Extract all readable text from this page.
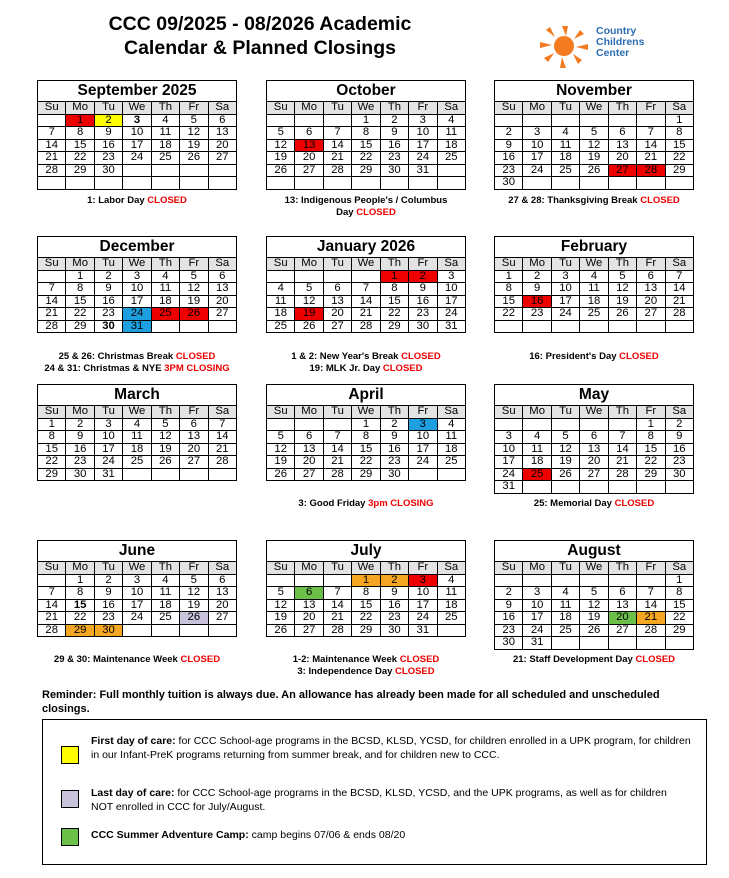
CCC 09/2025 - 08/2026 Academic
Calendar & Planned Closings
Country
Childrens
Center
September 2025
Su	Mo	Tu	We	Th	Fr	Sa
	1	2	3	4	5	6
7	8	9	10	11	12	13
14	15	16	17	18	19	20
21	22	23	24	25	26	27
28	29	30				

1: Labor Day CLOSED
October
Su	Mo	Tu	We	Th	Fr	Sa
			1	2	3	4
5	6	7	8	9	10	11
12	13	14	15	16	17	18
19	20	21	22	23	24	25
26	27	28	29	30	31	

13: Indigenous People's / Columbus
Day CLOSED
November
Su	Mo	Tu	We	Th	Fr	Sa
						1
2	3	4	5	6	7	8
9	10	11	12	13	14	15
16	17	18	19	20	21	22
23	24	25	26	27	28	29
30						
27 & 28: Thanksgiving Break CLOSED
December
Su	Mo	Tu	We	Th	Fr	Sa
	1	2	3	4	5	6
7	8	9	10	11	12	13
14	15	16	17	18	19	20
21	22	23	24	25	26	27
28	29	30	31			
25 & 26: Christmas Break CLOSED
24 & 31: Christmas & NYE 3PM CLOSING
January 2026
Su	Mo	Tu	We	Th	Fr	Sa
				1	2	3
4	5	6	7	8	9	10
11	12	13	14	15	16	17
18	19	20	21	22	23	24
25	26	27	28	29	30	31
1 & 2: New Year's Break CLOSED
19: MLK Jr. Day CLOSED
February
Su	Mo	Tu	We	Th	Fr	Sa
1	2	3	4	5	6	7
8	9	10	11	12	13	14
15	16	17	18	19	20	21
22	23	24	25	26	27	28

16: President's Day CLOSED
March
Su	Mo	Tu	We	Th	Fr	Sa
1	2	3	4	5	6	7
8	9	10	11	12	13	14
15	16	17	18	19	20	21
22	23	24	25	26	27	28
29	30	31				
April
Su	Mo	Tu	We	Th	Fr	Sa
			1	2	3	4
5	6	7	8	9	10	11
12	13	14	15	16	17	18
19	20	21	22	23	24	25
26	27	28	29	30		
3: Good Friday 3pm CLOSING
May
Su	Mo	Tu	We	Th	Fr	Sa
					1	2
3	4	5	6	7	8	9
10	11	12	13	14	15	16
17	18	19	20	21	22	23
24	25	26	27	28	29	30
31						
25: Memorial Day CLOSED
June
Su	Mo	Tu	We	Th	Fr	Sa
	1	2	3	4	5	6
7	8	9	10	11	12	13
14	15	16	17	18	19	20
21	22	23	24	25	26	27
28	29	30				
29 & 30: Maintenance Week CLOSED
July
Su	Mo	Tu	We	Th	Fr	Sa
			1	2	3	4
5	6	7	8	9	10	11
12	13	14	15	16	17	18
19	20	21	22	23	24	25
26	27	28	29	30	31	
1-2: Maintenance Week CLOSED
3: Independence Day CLOSED
August
Su	Mo	Tu	We	Th	Fr	Sa
						1
2	3	4	5	6	7	8
9	10	11	12	13	14	15
16	17	18	19	20	21	22
23	24	25	26	27	28	29
30	31					
21: Staff Development Day CLOSED
Reminder: Full monthly tuition is always due. An allowance has already been made for all scheduled and unscheduled closings.
First day of care: for CCC School-age programs in the BCSD, KLSD, YCSD, for children enrolled in a UPK program, for children in our Infant-PreK programs returning from summer break, and for children new to CCC.
Last day of care: for CCC School-age programs in the BCSD, KLSD, YCSD, and the UPK programs, as well as for children NOT enrolled in CCC for July/August.
CCC Summer Adventure Camp: camp begins 07/06 & ends 08/20
